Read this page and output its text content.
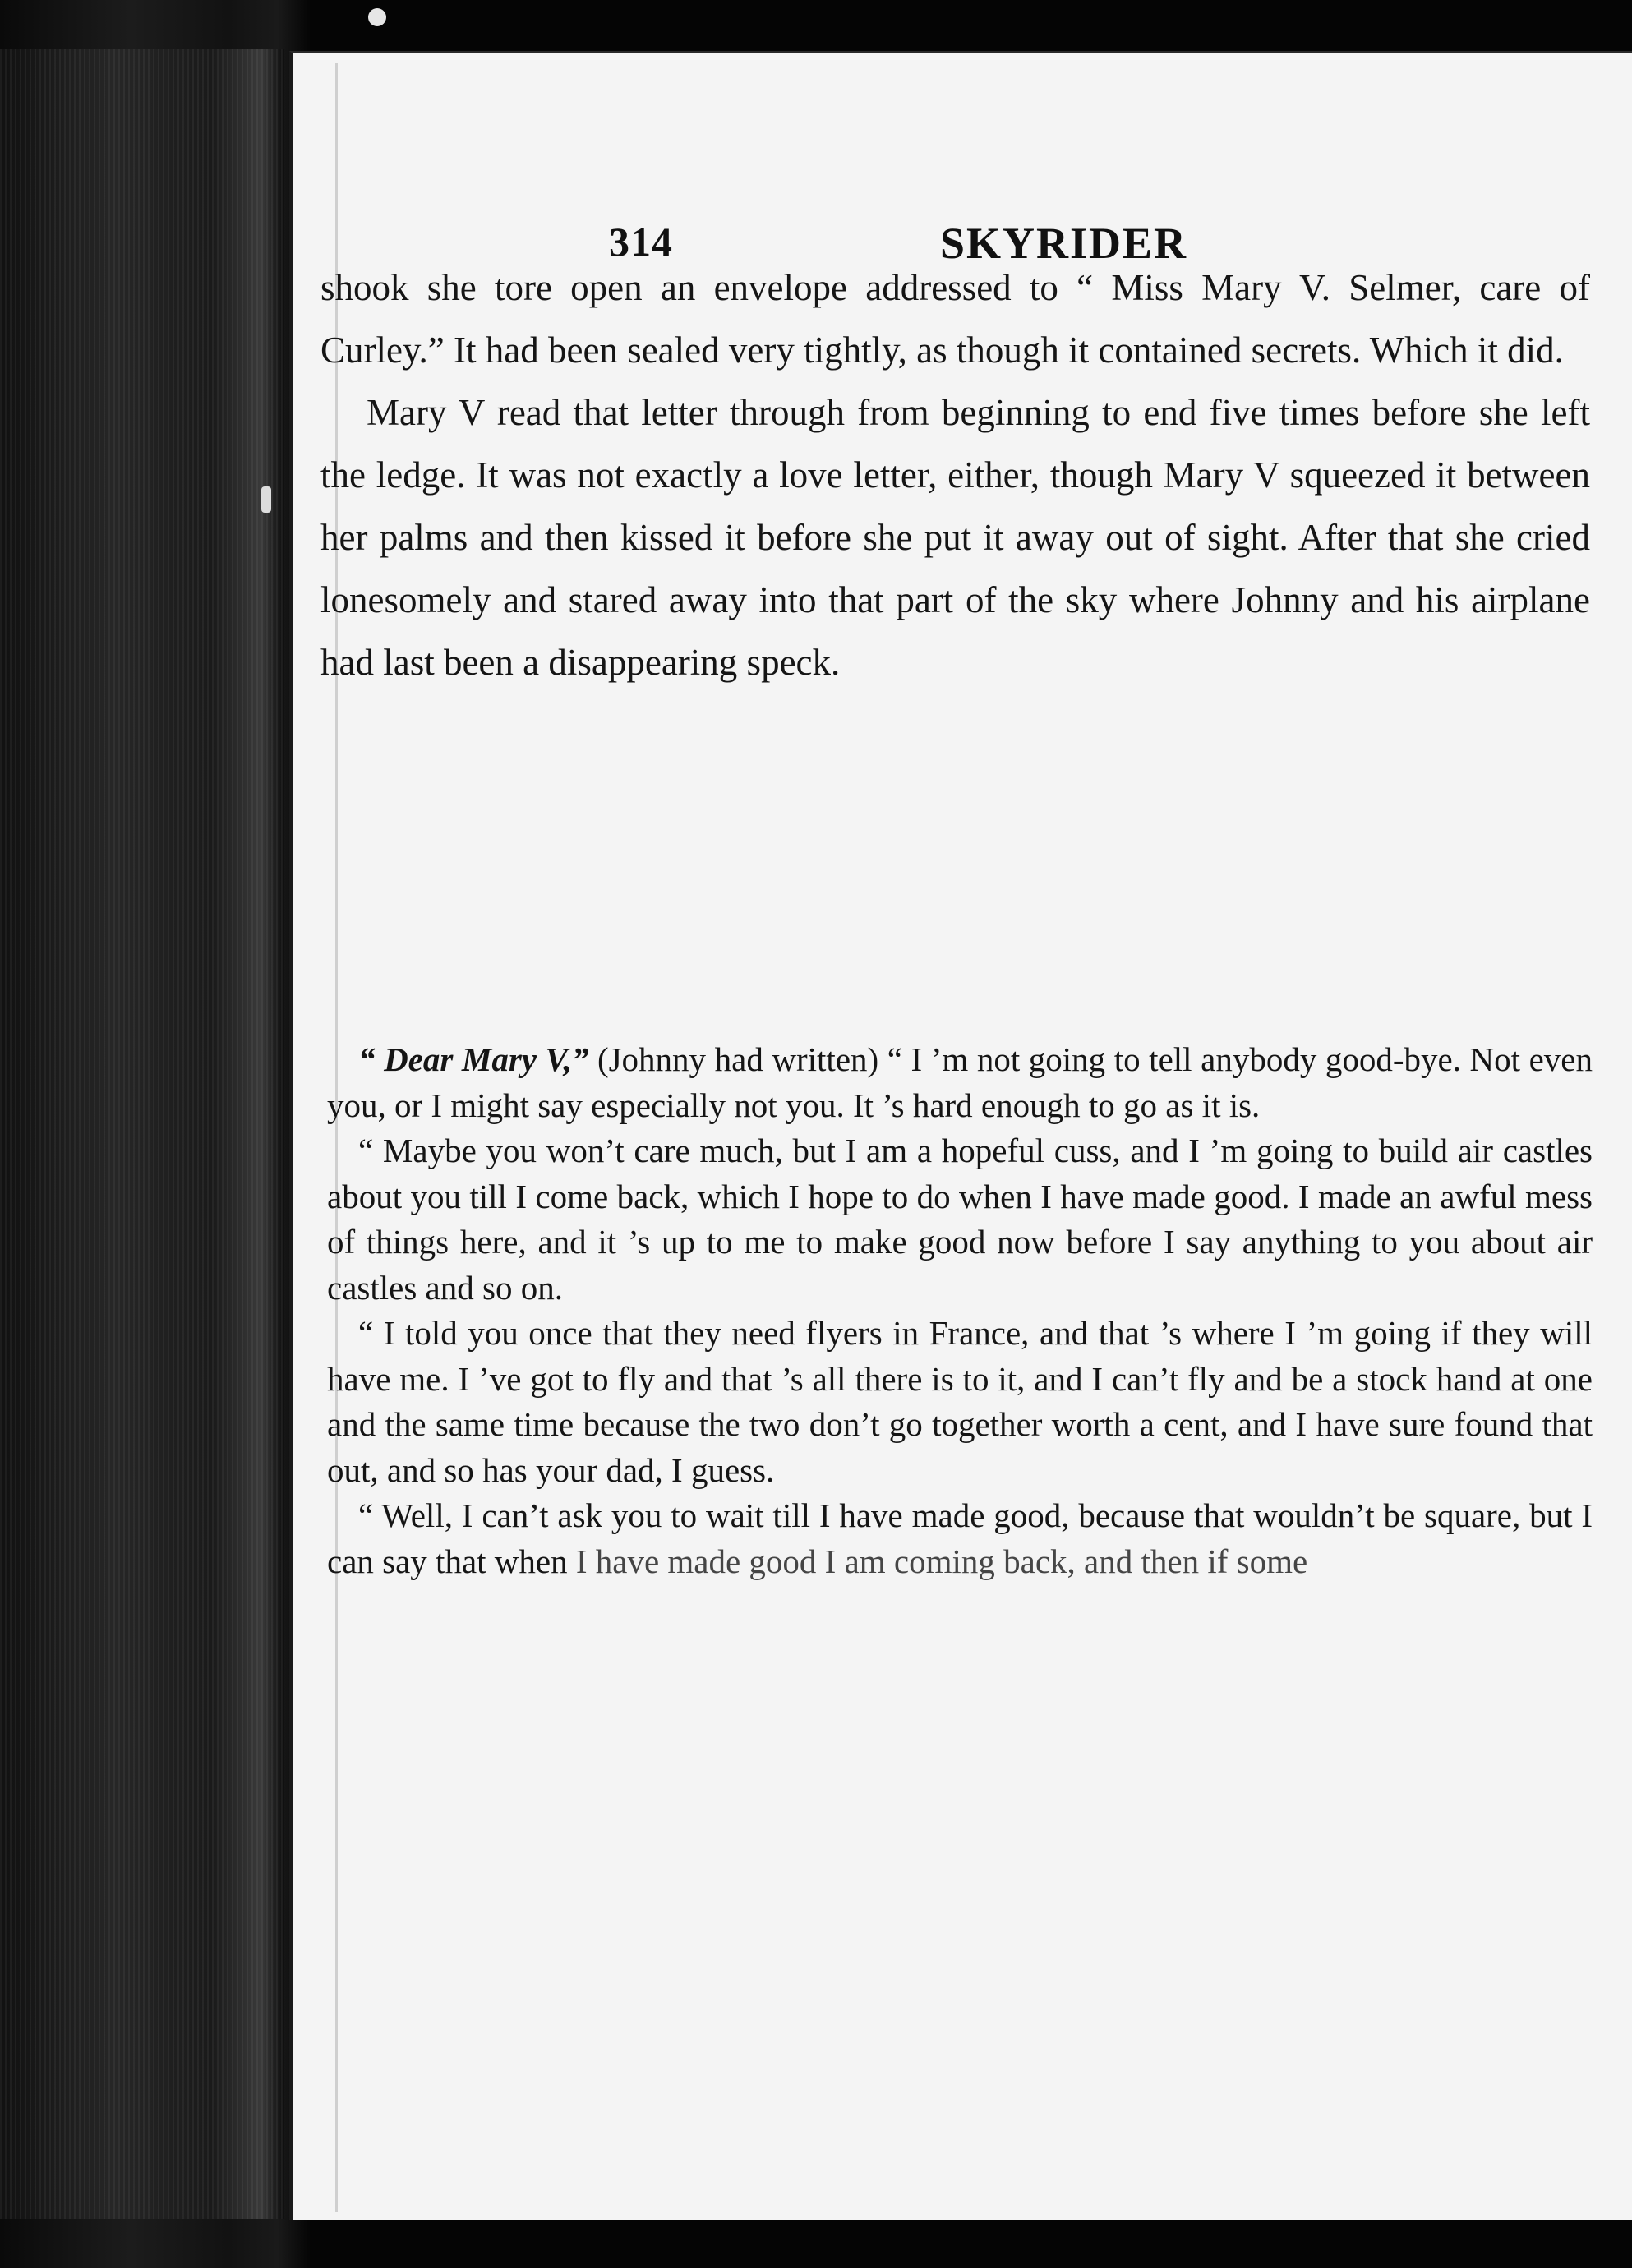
314	SKYRIDER

shook she tore open an envelope addressed to “ Miss Mary V. Selmer, care of Curley.” It had been sealed very tightly, as though it contained secrets. Which it did.

Mary V read that letter through from beginning to end five times before she left the ledge. It was not exactly a love letter, either, though Mary V squeezed it between her palms and then kissed it before she put it away out of sight. After that she cried lonesomely and stared away into that part of the sky where Johnny and his airplane had last been a disappearing speck.

“ Dear Mary V,” (Johnny had written) “ I ’m not going to tell anybody good-bye. Not even you, or I might say especially not you. It ’s hard enough to go as it is.

“ Maybe you won’t care much, but I am a hopeful cuss, and I ’m going to build air castles about you till I come back, which I hope to do when I have made good. I made an awful mess of things here, and it ’s up to me to make good now before I say anything to you about air castles and so on.

“ I told you once that they need flyers in France, and that ’s where I ’m going if they will have me. I ’ve got to fly and that ’s all there is to it, and I can’t fly and be a stock hand at one and the same time because the two don’t go together worth a cent, and I have sure found that out, and so has your dad, I guess.

“ Well, I can’t ask you to wait till I have made good, because that wouldn’t be square, but I can say that when I have made good I am coming back, and then if some
